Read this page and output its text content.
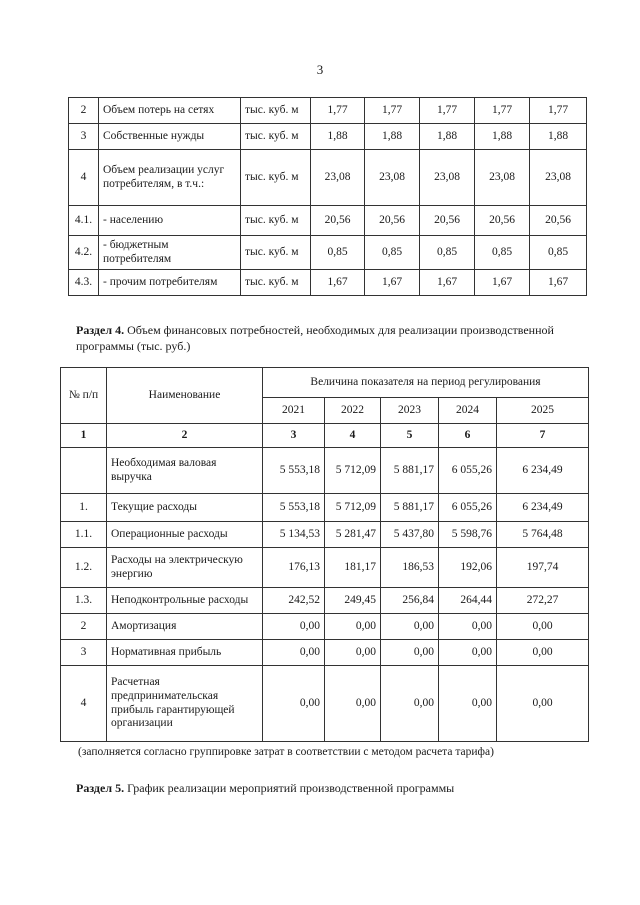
3
2	Объем потерь на сетях	тыс. куб. м	1,77	1,77	1,77	1,77	1,77
3	Собственные нужды	тыс. куб. м	1,88	1,88	1,88	1,88	1,88
4	Объем реализации услуг потребителям, в т.ч.:	тыс. куб. м	23,08	23,08	23,08	23,08	23,08
4.1.	- населению	тыс. куб. м	20,56	20,56	20,56	20,56	20,56
4.2.	- бюджетным потребителям	тыс. куб. м	0,85	0,85	0,85	0,85	0,85
4.3.	- прочим потребителям	тыс. куб. м	1,67	1,67	1,67	1,67	1,67
Раздел 4. Объем финансовых потребностей, необходимых для реализации производственной программы (тыс. руб.)
№ п/п	Наименование	Величина показателя на период регулирования				
		2021	2022	2023	2024	2025
1	2	3	4	5	6	7
	Необходимая валовая выручка	5 553,18	5 712,09	5 881,17	6 055,26	6 234,49
1.	Текущие расходы	5 553,18	5 712,09	5 881,17	6 055,26	6 234,49
1.1.	Операционные расходы	5 134,53	5 281,47	5 437,80	5 598,76	5 764,48
1.2.	Расходы на электрическую энергию	176,13	181,17	186,53	192,06	197,74
1.3.	Неподконтрольные расходы	242,52	249,45	256,84	264,44	272,27
2	Амортизация	0,00	0,00	0,00	0,00	0,00
3	Нормативная прибыль	0,00	0,00	0,00	0,00	0,00
4	Расчетная предпринимательская прибыль гарантирующей организации	0,00	0,00	0,00	0,00	0,00
(заполняется согласно группировке затрат в соответствии с методом расчета тарифа)
Раздел 5. График реализации мероприятий производственной программы
